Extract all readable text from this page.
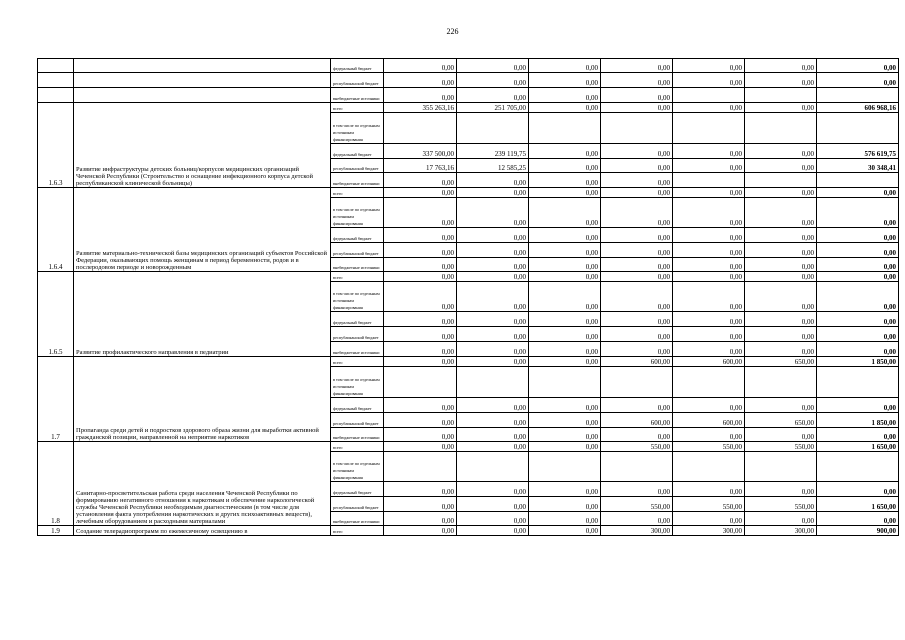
226
		федеральный бюджет	0,00	0,00	0,00	0,00	0,00	0,00	0,00
		республиканский бюджет	0,00	0,00	0,00	0,00	0,00	0,00	0,00
		внебюджетные источники	0,00	0,00	0,00	0,00			
1.6.3	Развитие инфраструктуры детских больниц/корпусов медицинских организаций Чеченской Республики (Строительство и оснащение инфекционного корпуса детской республиканской клинической больницы)	всего	355 263,16	251 705,00	0,00	0,00	0,00	0,00	606 968,16
		в том числе по отдельным источникам финансирования							
		федеральный бюджет	337 500,00	239 119,75	0,00	0,00	0,00	0,00	576 619,75
		республиканский бюджет	17 763,16	12 585,25	0,00	0,00	0,00	0,00	30 348,41
		внебюджетные источники	0,00	0,00	0,00	0,00			
1.6.4	Развитие материально-технической базы медицинских организаций субъектов Российской Федерации, оказывающих помощь женщинам в период беременности, родов и в послеродовом периоде и новорожденным	всего	0,00	0,00	0,00	0,00	0,00	0,00	0,00
		в том числе по отдельным источникам финансирования	0,00	0,00	0,00	0,00	0,00	0,00	0,00
		федеральный бюджет	0,00	0,00	0,00	0,00	0,00	0,00	0,00
		республиканский бюджет	0,00	0,00	0,00	0,00	0,00	0,00	0,00
		внебюджетные источники	0,00	0,00	0,00	0,00	0,00	0,00	0,00
1.6.5	Развитие профилактического направления в педиатрии	всего	0,00	0,00	0,00	0,00	0,00	0,00	0,00
		в том числе по отдельным источникам финансирования	0,00	0,00	0,00	0,00	0,00	0,00	0,00
		федеральный бюджет	0,00	0,00	0,00	0,00	0,00	0,00	0,00
		республиканский бюджет	0,00	0,00	0,00	0,00	0,00	0,00	0,00
		внебюджетные источники	0,00	0,00	0,00	0,00	0,00	0,00	0,00
1.7	Пропаганда среди детей и подростков здорового образа жизни для выработки активной гражданской позиции, направленной на неприятие наркотиков	всего	0,00	0,00	0,00	600,00	600,00	650,00	1 850,00
		в том числе по отдельным источникам финансирования							
		федеральный бюджет	0,00	0,00	0,00	0,00	0,00	0,00	0,00
		республиканский бюджет	0,00	0,00	0,00	600,00	600,00	650,00	1 850,00
		внебюджетные источники	0,00	0,00	0,00	0,00	0,00	0,00	0,00
1.8	Санитарно-просветительская работа среди населения Чеченской Республики по формированию негативного отношения к наркотикам и обеспечение наркологической службы Чеченской Республики необходимым диагностическим (в том числе для установления факта употребления наркотических и других психоактивных веществ), лечебным оборудованием и расходными материалами	всего	0,00	0,00	0,00	550,00	550,00	550,00	1 650,00
		в том числе по отдельным источникам финансирования							
		федеральный бюджет	0,00	0,00	0,00	0,00	0,00	0,00	0,00
		республиканский бюджет	0,00	0,00	0,00	550,00	550,00	550,00	1 650,00
		внебюджетные источники	0,00	0,00	0,00	0,00	0,00	0,00	0,00
1.9	Создание телерадиопрограмм по ежемесячному освещению в	всего	0,00	0,00	0,00	300,00	300,00	300,00	900,00
